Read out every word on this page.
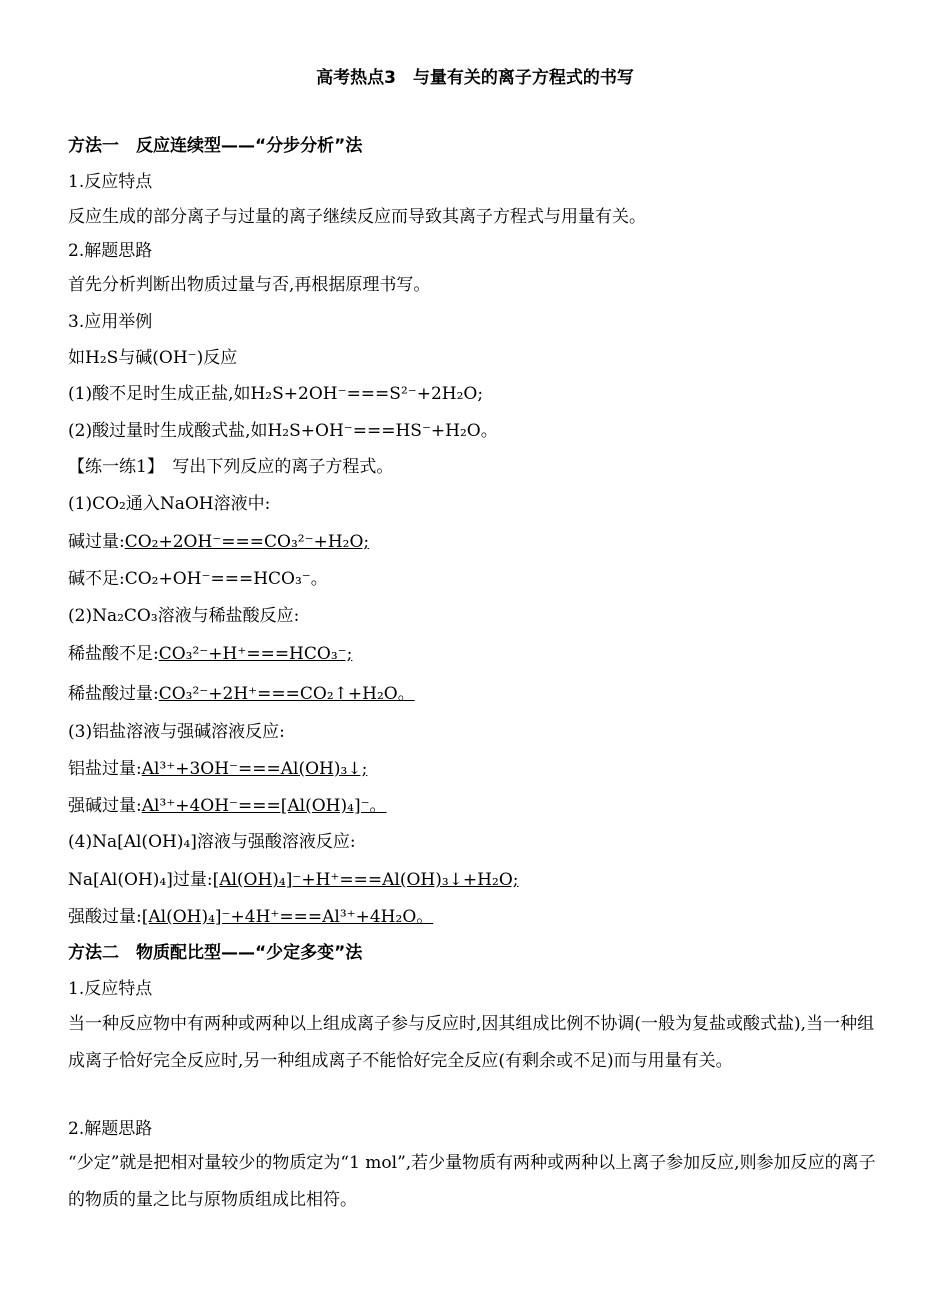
高考热点3　与量有关的离子方程式的书写
方法一　反应连续型——“分步分析”法
1.反应特点
反应生成的部分离子与过量的离子继续反应而导致其离子方程式与用量有关。
2.解题思路
首先分析判断出物质过量与否,再根据原理书写。
3.应用举例
如H₂S与碱(OH⁻)反应
(1)酸不足时生成正盐,如H₂S+2OH⁻===S²⁻+2H₂O;
(2)酸过量时生成酸式盐,如H₂S+OH⁻===HS⁻+H₂O。
【练一练1】　写出下列反应的离子方程式。
(1)CO₂通入NaOH溶液中:
碱过量:CO₂+2OH⁻===CO₃²⁻+H₂O;
碱不足:CO₂+OH⁻===HCO₃⁻。
(2)Na₂CO₃溶液与稀盐酸反应:
稀盐酸不足:CO₃²⁻+H⁺===HCO₃⁻;
稀盐酸过量:CO₃²⁻+2H⁺===CO₂↑+H₂O。
(3)铝盐溶液与强碱溶液反应:
铝盐过量:Al³⁺+3OH⁻===Al(OH)₃↓;
强碱过量:Al³⁺+4OH⁻===[Al(OH)₄]⁻。
(4)Na[Al(OH)₄]溶液与强酸溶液反应:
Na[Al(OH)₄]过量:[Al(OH)₄]⁻+H⁺===Al(OH)₃↓+H₂O;
强酸过量:[Al(OH)₄]⁻+4H⁺===Al³⁺+4H₂O。
方法二　物质配比型——“少定多变”法
1.反应特点
当一种反应物中有两种或两种以上组成离子参与反应时,因其组成比例不协调(一般为复盐或酸式盐),当一种组成离子恰好完全反应时,另一种组成离子不能恰好完全反应(有剩余或不足)而与用量有关。
2.解题思路
“少定”就是把相对量较少的物质定为“1 mol”,若少量物质有两种或两种以上离子参加反应,则参加反应的离子的物质的量之比与原物质组成比相符。
